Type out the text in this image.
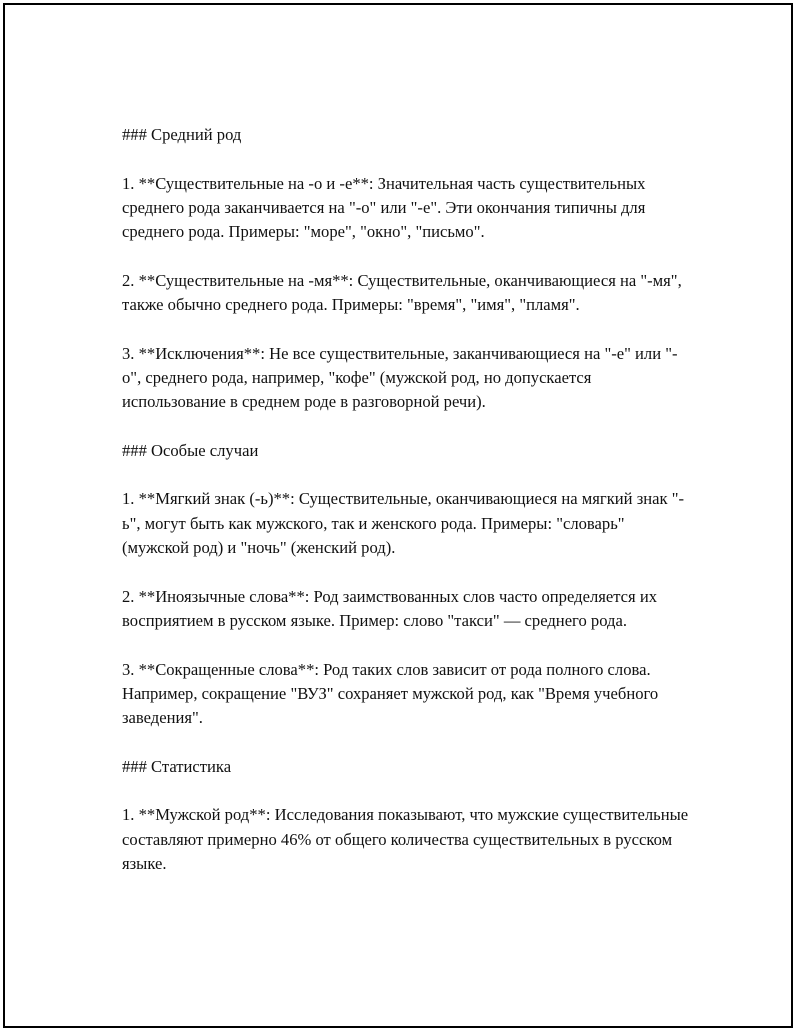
### Средний род

1. **Существительные на -о и -е**: Значительная часть существительных среднего рода заканчивается на "-о" или "-е". Эти окончания типичны для среднего рода. Примеры: "море", "окно", "письмо".

2. **Существительные на -мя**: Существительные, оканчивающиеся на "-мя", также обычно среднего рода. Примеры: "время", "имя", "пламя".

3. **Исключения**: Не все существительные, заканчивающиеся на "-е" или "-о", среднего рода, например, "кофе" (мужской род, но допускается использование в среднем роде в разговорной речи).

### Особые случаи

1. **Мягкий знак (-ь)**: Существительные, оканчивающиеся на мягкий знак "-ь", могут быть как мужского, так и женского рода. Примеры: "словарь" (мужской род) и "ночь" (женский род).

2. **Иноязычные слова**: Род заимствованных слов часто определяется их восприятием в русском языке. Пример: слово "такси" — среднего рода.

3. **Сокращенные слова**: Род таких слов зависит от рода полного слова. Например, сокращение "ВУЗ" сохраняет мужской род, как "Время учебного заведения".

### Статистика

1. **Мужской род**: Исследования показывают, что мужские существительные составляют примерно 46% от общего количества существительных в русском языке.
